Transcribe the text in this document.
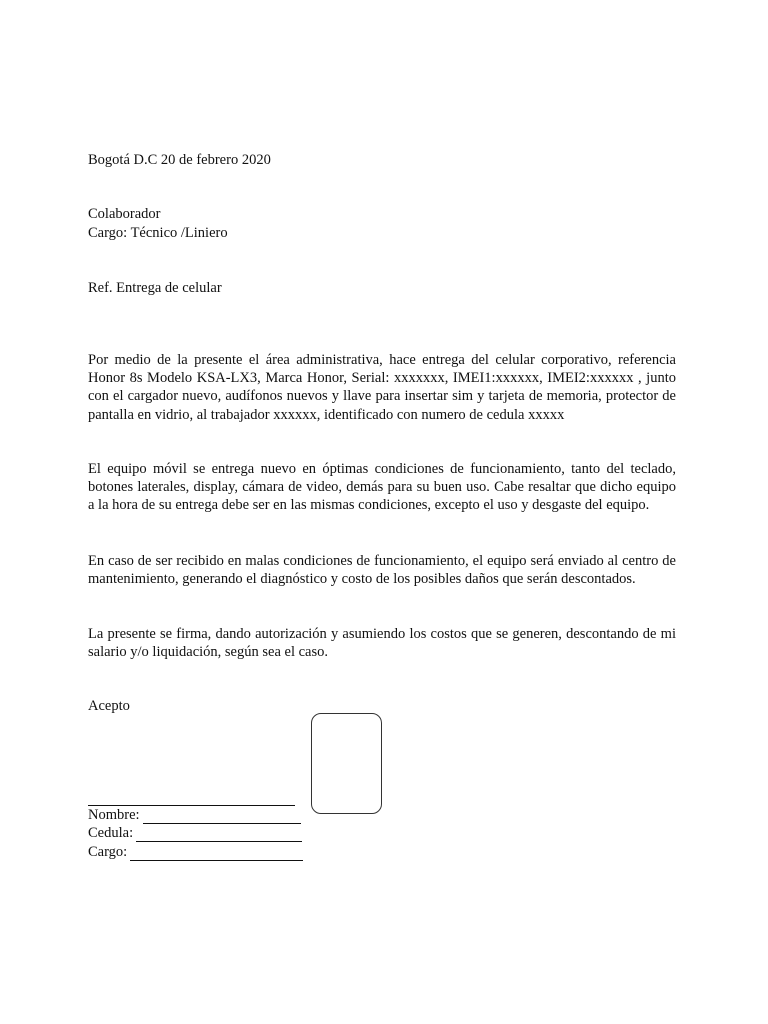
Bogotá D.C 20 de febrero 2020
Colaborador
Cargo: Técnico /Liniero
Ref. Entrega de celular
Por medio de la presente el área administrativa, hace entrega del celular corporativo, referencia Honor 8s Modelo KSA-LX3, Marca Honor, Serial: xxxxxxx, IMEI1:xxxxxx, IMEI2:xxxxxx , junto con el cargador nuevo, audífonos nuevos y llave para insertar sim y tarjeta de memoria, protector de pantalla en vidrio, al trabajador xxxxxx, identificado con numero de cedula xxxxx
El equipo móvil se entrega nuevo en óptimas condiciones de funcionamiento, tanto del teclado, botones laterales, display, cámara de video, demás para su buen uso. Cabe resaltar que dicho equipo a la hora de su entrega debe ser en las mismas condiciones, excepto el uso y desgaste del equipo.
En caso de ser recibido en malas condiciones de funcionamiento, el equipo será enviado al centro de mantenimiento, generando el diagnóstico y costo de los posibles daños que serán descontados.
La presente se firma, dando autorización y asumiendo los costos que se generen, descontando de mi salario y/o liquidación, según sea el caso.
Acepto
Nombre:
Cedula:
Cargo:
